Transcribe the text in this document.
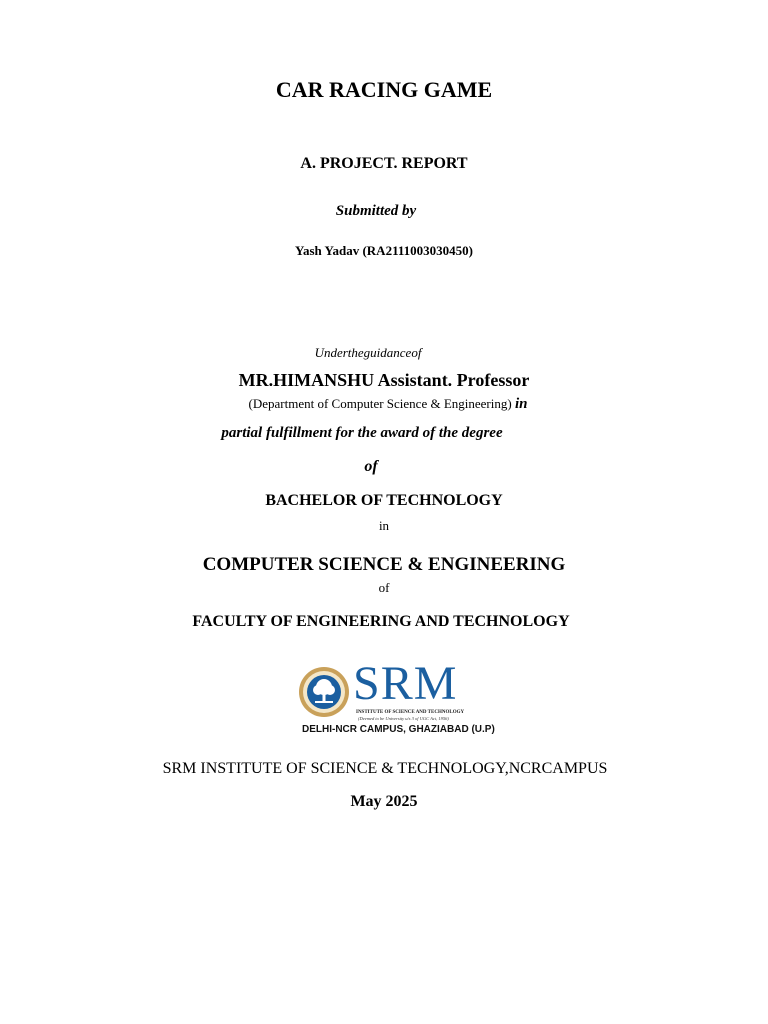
CAR RACING GAME
A. PROJECT. REPORT
Submitted by
Yash Yadav (RA2111003030450)
Undertheguidanceof
MR.HIMANSHU Assistant. Professor
(Department of Computer Science & Engineering) in
partial fulfillment for the award of the degree
of
BACHELOR OF TECHNOLOGY
in
COMPUTER SCIENCE & ENGINEERING
of
FACULTY OF ENGINEERING AND TECHNOLOGY
SRM
INSTITUTE OF SCIENCE AND TECHNOLOGY
(Deemed to be University u/s 3 of UGC Act, 1956)
DELHI-NCR CAMPUS, GHAZIABAD (U.P)
SRM INSTITUTE OF SCIENCE & TECHNOLOGY,NCRCAMPUS
May 2025
